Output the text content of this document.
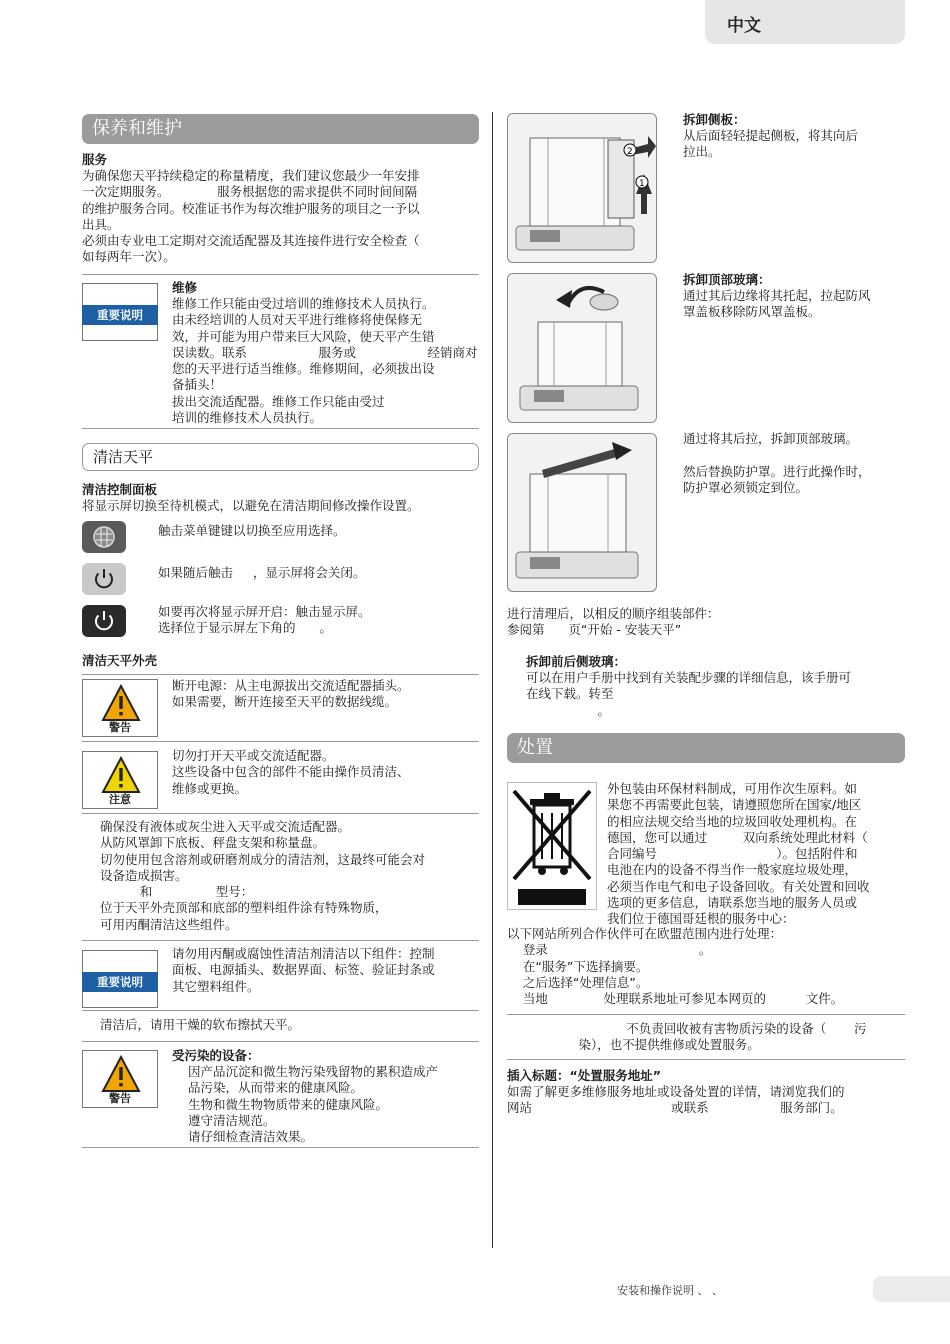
中文
保养和维护
服务
为确保您天平持续稳定的称量精度，我们建议您最少一年安排
一次定期服务。            服务根据您的需求提供不同时间间隔
的维护服务合同。校准证书作为每次维护服务的项目之一予以
出具。
必须由专业电工定期对交流适配器及其连接件进行安全检查（
如每两年一次）。
重要说明
维修
维修工作只能由受过培训的维修技术人员执行。
由未经培训的人员对天平进行维修将使保修无
效，并可能为用户带来巨大风险，使天平产生错
误读数。联系                  服务或                  经销商对
您的天平进行适当维修。维修期间，必须拔出设
备插头！
拔出交流适配器。维修工作只能由受过
培训的维修技术人员执行。
清洁天平
清洁控制面板
将显示屏切换至待机模式，以避免在清洁期间修改操作设置。
触击菜单键键以切换至应用选择。
如果随后触击     ，显示屏将会关闭。
如要再次将显示屏开启：触击显示屏。
选择位于显示屏左下角的      。
清洁天平外壳
警告
断开电源：从主电源拔出交流适配器插头。
如果需要，断开连接至天平的数据线缆。
注意
切勿打开天平或交流适配器。
这些设备中包含的部件不能由操作员清洁、
维修或更换。
确保没有液体或灰尘进入天平或交流适配器。
从防风罩卸下底板、秤盘支架和称量盘。
切勿使用包含溶剂或研磨剂成分的清洁剂，这最终可能会对
设备造成损害。
和                型号：
位于天平外壳顶部和底部的塑料组件涂有特殊物质，
可用丙酮清洁这些组件。
重要说明
请勿用丙酮或腐蚀性清洁剂清洁以下组件：控制
面板、电源插头、数据界面、标签、验证封条或
其它塑料组件。
清洁后，请用干燥的软布擦拭天平。
警告
受污染的设备：
因产品沉淀和微生物污染残留物的累积造成产
品污染，从而带来的健康风险。
生物和微生物物质带来的健康风险。
遵守清洁规范。
请仔细检查清洁效果。
2
1
拆卸侧板：
从后面轻轻提起侧板，将其向后
拉出。
拆卸顶部玻璃：
通过其后边缘将其托起，拉起防风
罩盖板移除防风罩盖板。
通过将其后拉，拆卸顶部玻璃。

然后替换防护罩。进行此操作时，
防护罩必须锁定到位。
进行清理后，以相反的顺序组装部件：
参阅第      页“开始 - 安装天平”
拆卸前后侧玻璃：
可以在用户手册中找到有关装配步骤的详细信息，该手册可
在线下载。转至
。
处置
外包装由环保材料制成，可用作次生原料。如
果您不再需要此包装，请遵照您所在国家/地区
的相应法规交给当地的垃圾回收处理机构。在
德国，您可以通过         双向系统处理此材料（
合同编号                              ）。包括附件和
电池在内的设备不得当作一般家庭垃圾处理，
必须当作电气和电子设备回收。有关处置和回收
选项的更多信息，请联系您当地的服务人员或
我们位于德国哥廷根的服务中心：
以下网站所列合作伙伴可在欧盟范围内进行处理：
登录                                      。
在“服务”下选择摘要。
之后选择“处理信息”。
当地              处理联系地址可参见本网页的          文件。
不负责回收被有害物质污染的设备（       污
染），也不提供维修或处置服务。
插入标题：“处置服务地址”
如需了解更多维修服务地址或设备处置的详情，请浏览我们的
网站                                   或联系                  服务部门。
安装和操作说明 、 、
